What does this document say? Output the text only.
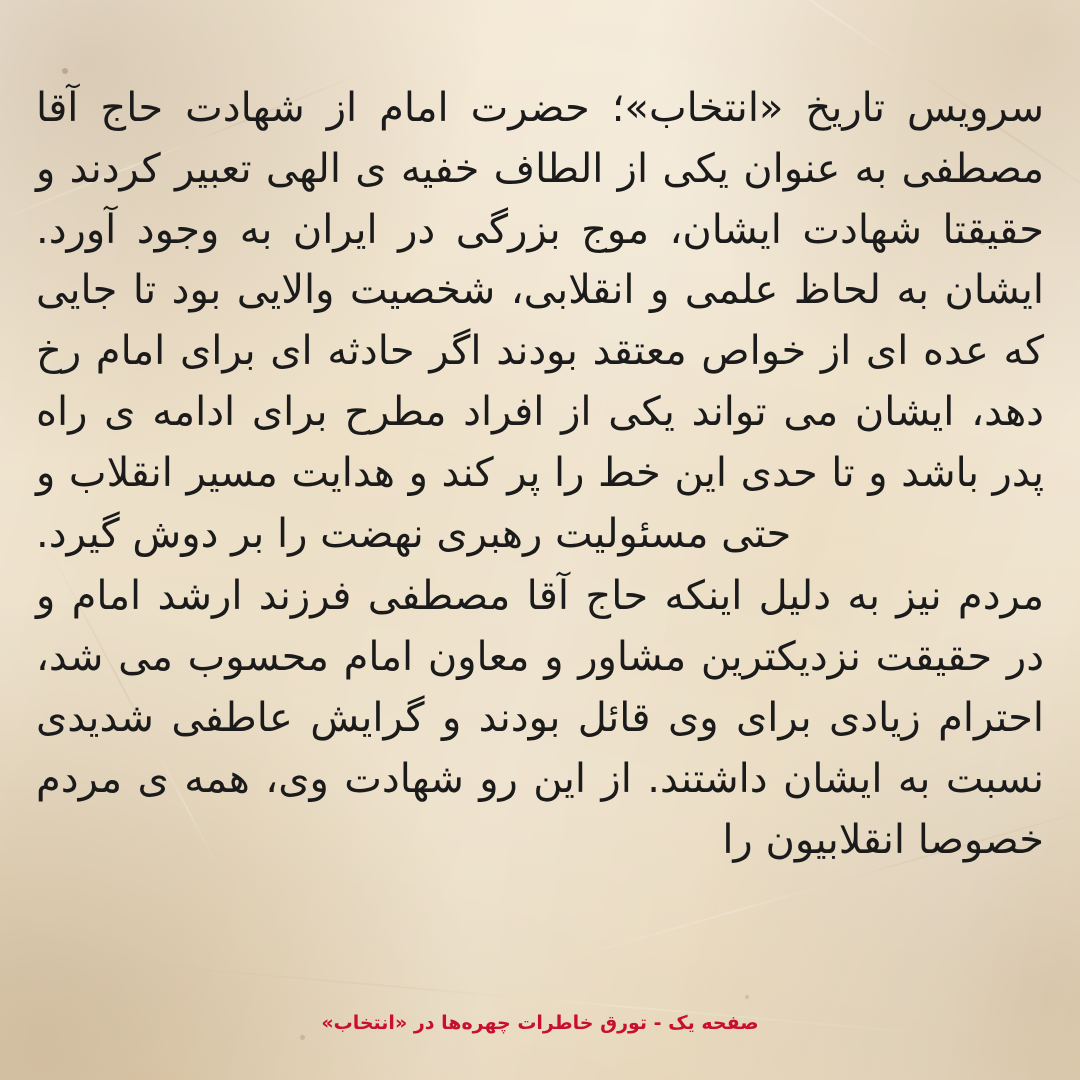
سرویس تاریخ «انتخاب»؛ حضرت امام از شهادت حاج آقا مصطفی به عنوان یکی از الطاف خفیه ی الهی تعبیر کردند و حقیقتا شهادت ایشان، موج بزرگی در ایران به وجود آورد. ایشان به لحاظ علمی و انقلابی، شخصیت والایی بود تا جایی که عده ای از خواص معتقد بودند اگر حادثه ای برای امام رخ دهد، ایشان می تواند یکی از افراد مطرح برای ادامه ی راه پدر باشد و تا حدی این خط را پر کند و هدایت مسیر انقلاب و حتی مسئولیت رهبری نهضت را بر دوش گیرد.

مردم نیز به دلیل اینکه حاج آقا مصطفی فرزند ارشد امام و در حقیقت نزدیکترین مشاور و معاون امام محسوب می شد، احترام زیادی برای وی قائل بودند و گرایش عاطفی شدیدی نسبت به ایشان داشتند. از این رو شهادت وی، همه ی مردم خصوصا انقلابیون را

صفحه یک - تورق خاطرات چهره‌ها در «انتخاب»
